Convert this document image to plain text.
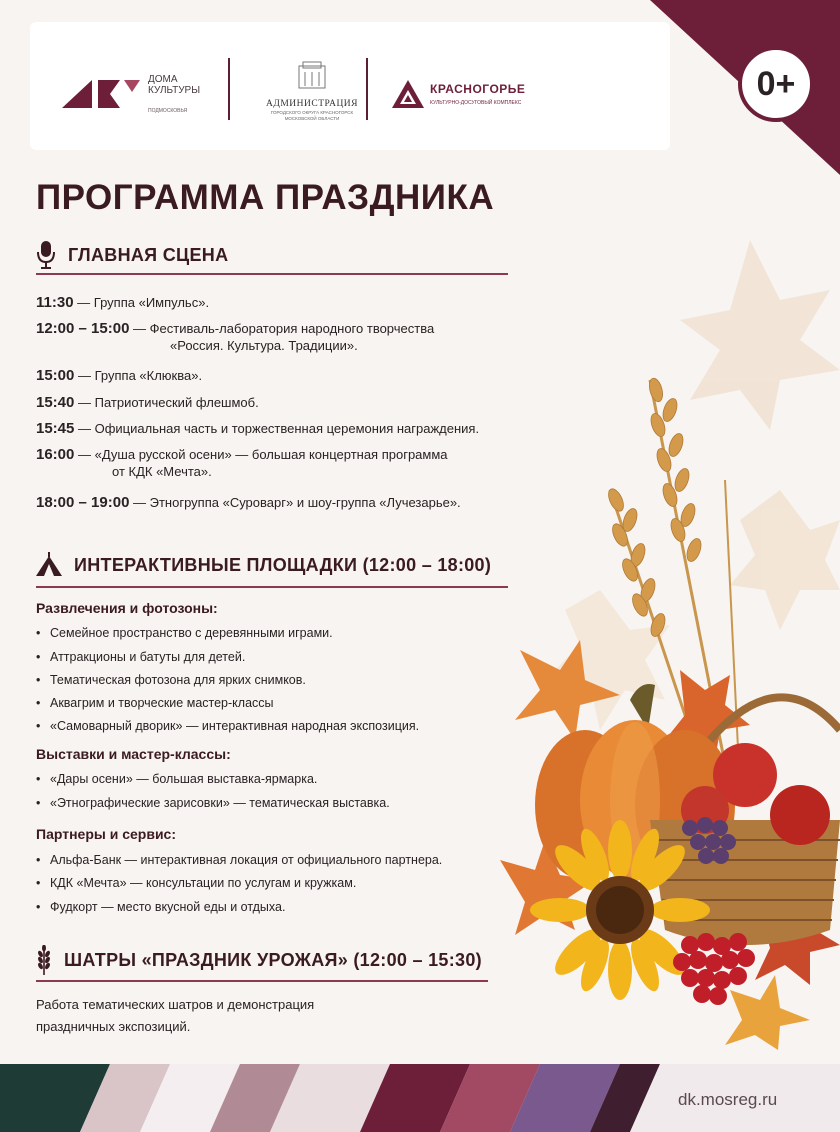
0+
ДОМА
КУЛЬТУРЫ
ПОДМОСКОВЬЯ
АДМИНИСТРАЦИЯ
ГОРОДСКОГО ОКРУГА КРАСНОГОРСК
МОСКОВСКОЙ ОБЛАСТИ
КРАСНОГОРЬЕ
КУЛЬТУРНО-ДОСУГОВЫЙ КОМПЛЕКС
ПРОГРАММА ПРАЗДНИКА
ГЛАВНАЯ СЦЕНА
11:30 — Группа «Импульс».
12:00 – 15:00 — Фестиваль-лаборатория народного творчества
«Россия. Культура. Традиции».
15:00 — Группа «Клюква».
15:40 — Патриотический флешмоб.
15:45 — Официальная часть и торжественная церемония награждения.
16:00 — «Душа русской осени» — большая концертная программа
от КДК «Мечта».
18:00 – 19:00 — Этногруппа «Суроварг» и шоу-группа «Лучезарье».
ИНТЕРАКТИВНЫЕ ПЛОЩАДКИ (12:00 – 18:00)
Развлечения и фотозоны:
• Семейное пространство с деревянными играми.
• Аттракционы и батуты для детей.
• Тематическая фотозона для ярких снимков.
• Аквагрим и творческие мастер-классы
• «Самоварный дворик» — интерактивная народная экспозиция.
Выставки и мастер-классы:
• «Дары осени» — большая выставка-ярмарка.
• «Этнографические зарисовки» — тематическая выставка.
Партнеры и сервис:
• Альфа-Банк — интерактивная локация от официального партнера.
• КДК «Мечта» — консультации по услугам и кружкам.
• Фудкорт — место вкусной еды и отдыха.
ШАТРЫ «ПРАЗДНИК УРОЖАЯ» (12:00 – 15:30)
Работа тематических шатров и демонстрация
праздничных экспозиций.
dk.mosreg.ru
